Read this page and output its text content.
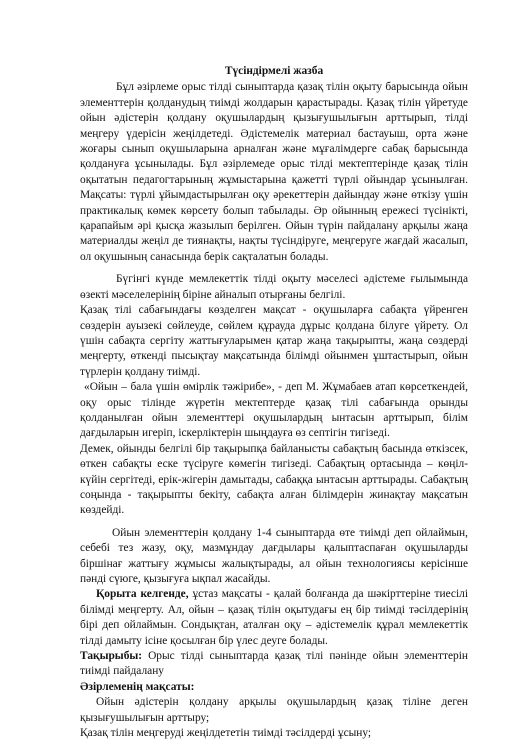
Түсіндірмелі жазба

Бұл әзірлеме орыс тілді сыныптарда қазақ тілін оқыту барысында ойын элементтерін қолданудың тиімді жолдарын қарастырады. Қазақ тілін үйретуде ойын әдістерін қолдану оқушылардың қызығушылығын арттырып, тілді меңгеру үдерісін жеңілдетеді. Әдістемелік материал бастауыш, орта және жоғары сынып оқушыларына арналған және мұғалімдерге сабақ барысында қолдануға ұсынылады. Бұл әзірлемеде орыс тілді мектептерінде қазақ тілін оқытатын педагогтарының жұмыстарына қажетті түрлі ойындар ұсынылған. Мақсаты: түрлі ұйымдастырылған оқу әрекеттерін дайындау және өткізу үшін практикалық көмек көрсету болып табылады. Әр ойынның ережесі түсінікті, қарапайым әрі қысқа жазылып берілген. Ойын түрін пайдалану арқылы жаңа материалды жеңіл де тиянақты, нақты түсіндіруге, меңгеруге жағдай жасалып, ол оқушының санасында берік сақталатын болады.

Бүгінгі күнде мемлекеттік тілді оқыту мәселесі әдістеме ғылымында өзекті мәселелерінің біріне айналып отырғаны белгілі.

Қазақ тілі сабағындағы көзделген мақсат - оқушыларға сабақта үйренген сөздерін ауызекі сөйлеуде, сөйлем құрауда дұрыс қолдана білуге үйрету. Ол үшін сабақта сергіту жаттығуларымен қатар жаңа тақырыпты, жаңа сөздерді меңгерту, өткенді пысықтау мақсатында білімді ойынмен ұштастырып, ойын түрлерін қолдану тиімді.

«Ойын – бала үшін өмірлік тәжірибе», - деп М. Жұмабаев атап көрсеткендей, оқу орыс тілінде жүретін мектептерде қазақ тілі сабағында орынды қолданылған ойын элементтері оқушылардың ынтасын арттырып, білім дағдыларын игеріп, іскерліктерін шыңдауға өз септігін тигізеді.

Демек, ойынды белгілі бір тақырыпқа байланысты сабақтың басында өткізсек, өткен сабақты еске түсіруге көмегін тигізеді. Сабақтың ортасында – көңіл-күйін сергітеді, ерік-жігерін дамытады, сабаққа ынтасын арттырады. Сабақтың соңында - тақырыпты бекіту, сабақта алған білімдерін жинақтау мақсатын көздейді.

Ойын элементтерін қолдану 1-4 сыныптарда өте тиімді деп ойлаймын, себебі тез жазу, оқу, мазмұндау дағдылары қалыптаспаған оқушыларды біршінағ жаттығу жұмысы жалықтырады, ал ойын технологиясы керісінше пәнді сүюге, қызығуға ықпал жасайды.

Қорыта келгенде, ұстаз мақсаты - қалай болғанда да шәкірттеріне тиесілі білімді меңгерту. Ал, ойын – қазақ тілін оқытудағы ең бір тиімді тәсілдерінің бірі деп ойлаймын. Сондықтан, аталған оқу – әдістемелік құрал мемлекеттік тілді дамыту ісіне қосылған бір үлес деуге болады.

Тақырыбы: Орыс тілді сыныптарда қазақ тілі пәнінде ойын элементтерін тиімді пайдалану

Әзірлеменің мақсаты:

Ойын әдістерін қолдану арқылы оқушылардың қазақ тіліне деген қызығушылығын арттыру;

Қазақ тілін меңгеруді жеңілдететін тиімді тәсілдерді ұсыну;
